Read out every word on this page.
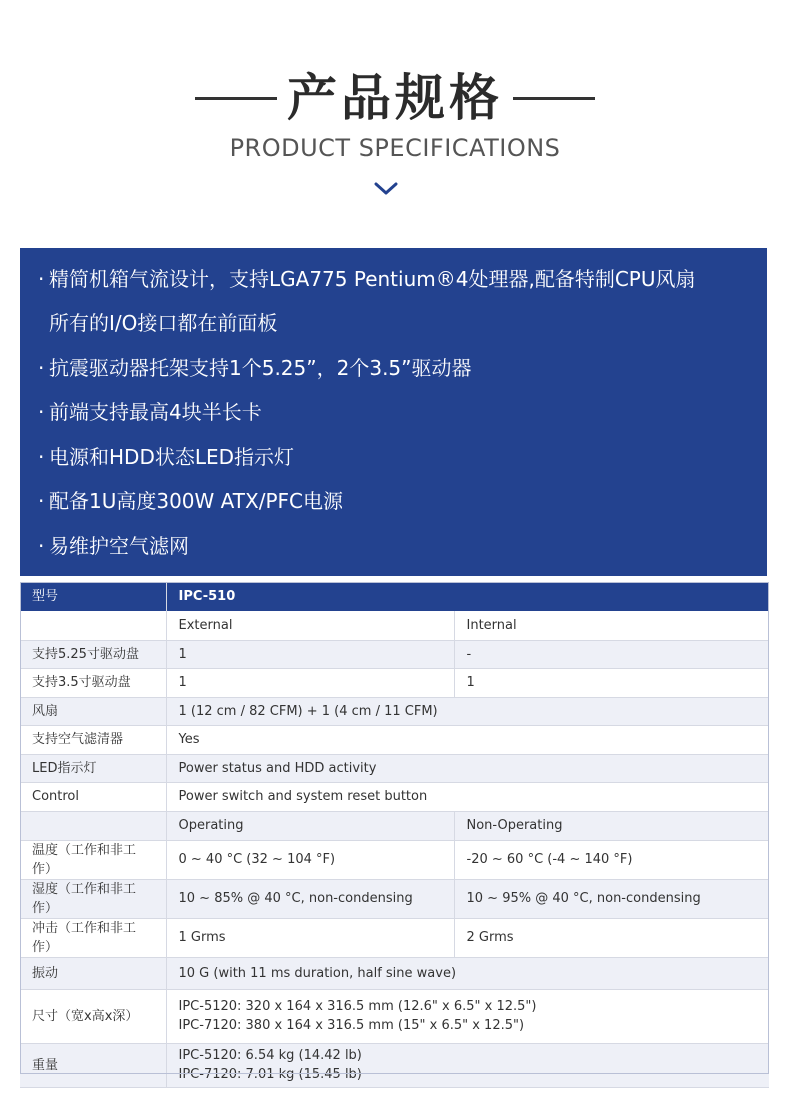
产品规格
PRODUCT SPECIFICATIONS
· 精简机箱气流设计，支持LGA775 Pentium®4处理器,配备特制CPU风扇
所有的I/O接口都在前面板
· 抗震驱动器托架支持1个5.25”，2个3.5”驱动器
· 前端支持最高4块半长卡
· 电源和HDD状态LED指示灯
· 配备1U高度300W ATX/PFC电源
· 易维护空气滤网
型号	IPC-510	
	External	Internal
支持5.25寸驱动盘	1	-
支持3.5寸驱动盘	1	1
风扇	1 (12 cm / 82 CFM) + 1 (4 cm / 11 CFM)	
支持空气滤清器	Yes	
LED指示灯	Power status and HDD activity	
Control	Power switch and system reset button	
	Operating	Non-Operating
温度（工作和非工作）	0 ~ 40 °C (32 ~ 104 °F)	-20 ~ 60 °C (-4 ~ 140 °F)
湿度（工作和非工作）	10 ~ 85% @ 40 °C, non-condensing	10 ~ 95% @ 40 °C, non-condensing
冲击（工作和非工作）	1 Grms	2 Grms
振动	10 G (with 11 ms duration, half sine wave)	
尺寸（宽x高x深）	IPC-5120: 320 x 164 x 316.5 mm (12.6" x 6.5" x 12.5")
IPC-7120: 380 x 164 x 316.5 mm (15" x 6.5" x 12.5")	

重量	IPC-5120: 6.54 kg (14.42 lb)
IPC-7120: 7.01 kg (15.45 lb)	
